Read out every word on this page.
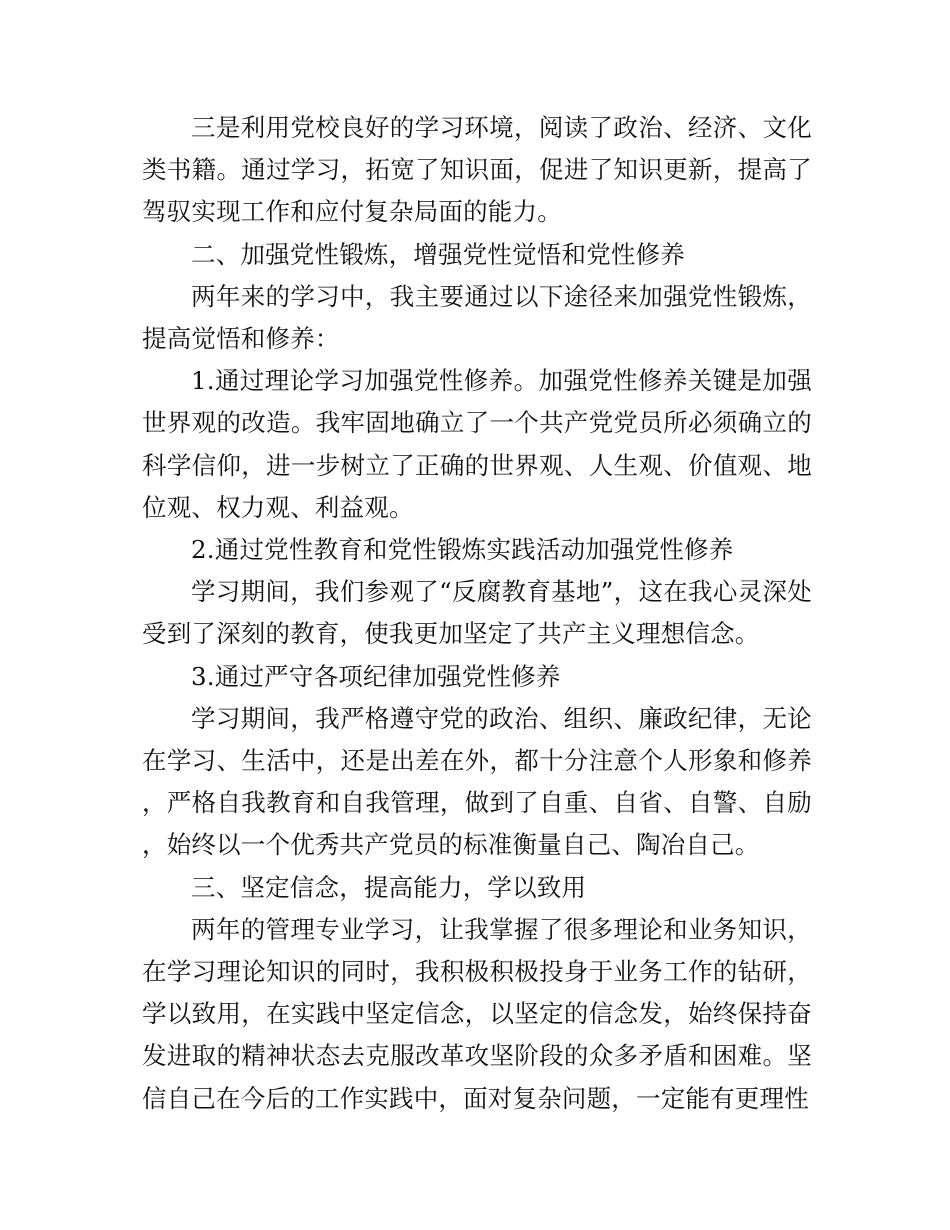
三是利用党校良好的学习环境，阅读了政治、经济、文化类书籍。通过学习，拓宽了知识面，促进了知识更新，提高了驾驭实现工作和应付复杂局面的能力。

二、加强党性锻炼，增强党性觉悟和党性修养

两年来的学习中，我主要通过以下途径来加强党性锻炼，提高觉悟和修养：

1.通过理论学习加强党性修养。加强党性修养关键是加强世界观的改造。我牢固地确立了一个共产党党员所必须确立的科学信仰，进一步树立了正确的世界观、人生观、价值观、地位观、权力观、利益观。

2.通过党性教育和党性锻炼实践活动加强党性修养

学习期间，我们参观了“反腐教育基地”，这在我心灵深处受到了深刻的教育，使我更加坚定了共产主义理想信念。

3.通过严守各项纪律加强党性修养

学习期间，我严格遵守党的政治、组织、廉政纪律，无论在学习、生活中，还是出差在外，都十分注意个人形象和修养，严格自我教育和自我管理，做到了自重、自省、自警、自励，始终以一个优秀共产党员的标准衡量自己、陶冶自己。

三、坚定信念，提高能力，学以致用

两年的管理专业学习，让我掌握了很多理论和业务知识，在学习理论知识的同时，我积极积极投身于业务工作的钻研，学以致用，在实践中坚定信念，以坚定的信念发，始终保持奋发进取的精神状态去克服改革攻坚阶段的众多矛盾和困难。坚信自己在今后的工作实践中，面对复杂问题，一定能有更理性
